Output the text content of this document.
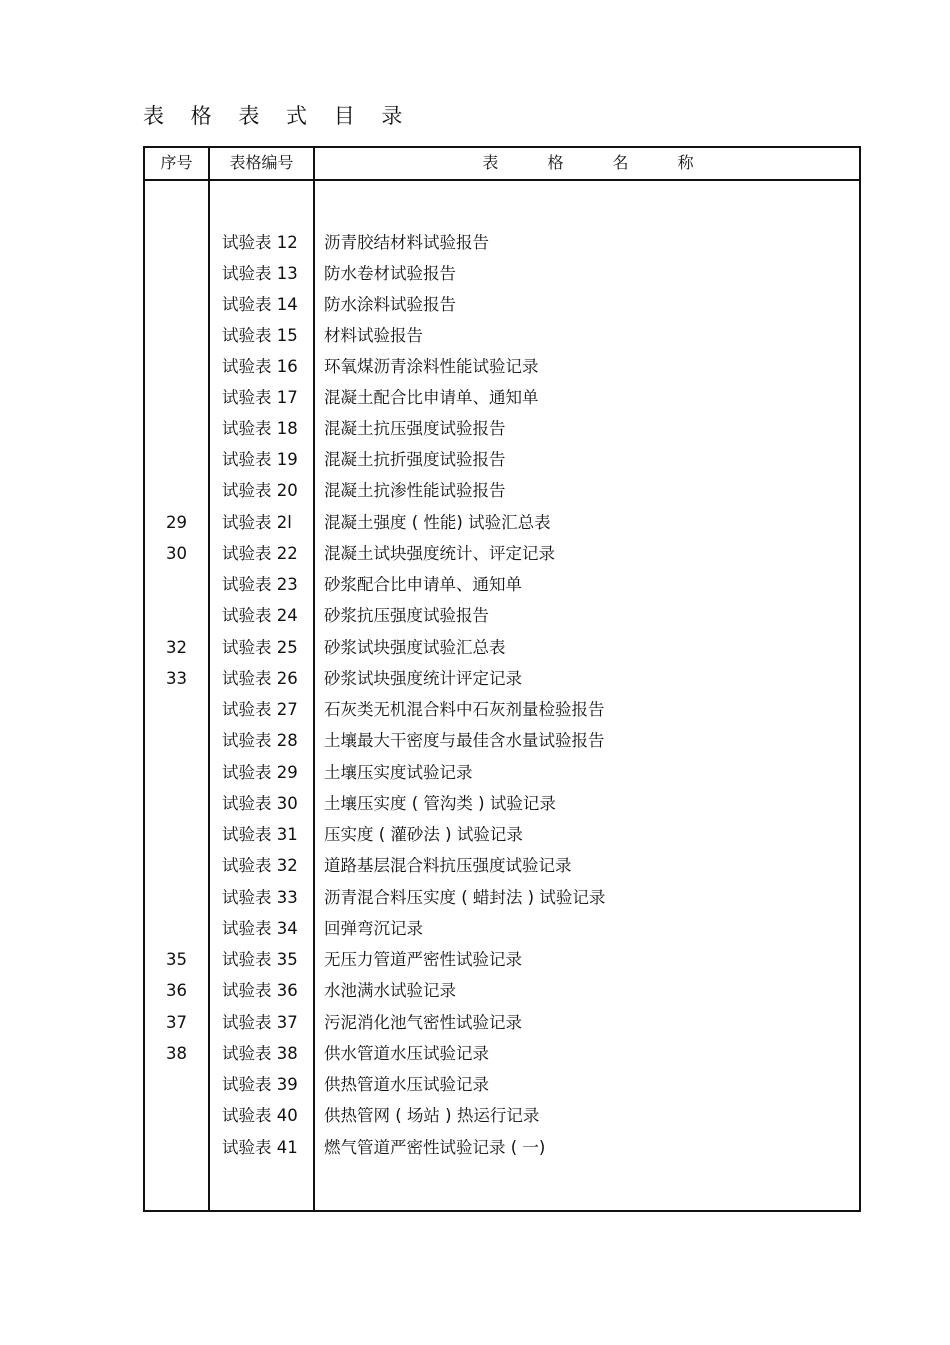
表 格 表 式 目 录
序号	表格编号	表 格 名 称
试验表 12 沥青胶结材料试验报告
试验表 13 防水卷材试验报告
试验表 14 防水涂料试验报告
试验表 15 材料试验报告
试验表 16 环氧煤沥青涂料性能试验记录
试验表 17 混凝土配合比申请单、通知单
试验表 18 混凝土抗压强度试验报告
试验表 19 混凝土抗折强度试验报告
试验表 20 混凝土抗渗性能试验报告
29	试验表 2l 混凝土强度 ( 性能) 试验汇总表
30	试验表 22 混凝土试块强度统计、评定记录
试验表 23 砂浆配合比申请单、通知单
试验表 24 砂浆抗压强度试验报告
32	试验表 25 砂浆试块强度试验汇总表
33	试验表 26 砂浆试块强度统计评定记录
试验表 27 石灰类无机混合料中石灰剂量检验报告
试验表 28 土壤最大干密度与最佳含水量试验报告
试验表 29 土壤压实度试验记录
试验表 30 土壤压实度 ( 管沟类 ) 试验记录
试验表 31 压实度 ( 灌砂法 ) 试验记录
试验表 32 道路基层混合料抗压强度试验记录
试验表 33 沥青混合料压实度 ( 蜡封法 ) 试验记录
试验表 34 回弹弯沉记录
35	试验表 35 无压力管道严密性试验记录
36	试验表 36 水池满水试验记录
37	试验表 37 污泥消化池气密性试验记录
38	试验表 38 供水管道水压试验记录
试验表 39 供热管道水压试验记录
试验表 40 供热管网 ( 场站 ) 热运行记录
试验表 41 燃气管道严密性试验记录 ( 一)
